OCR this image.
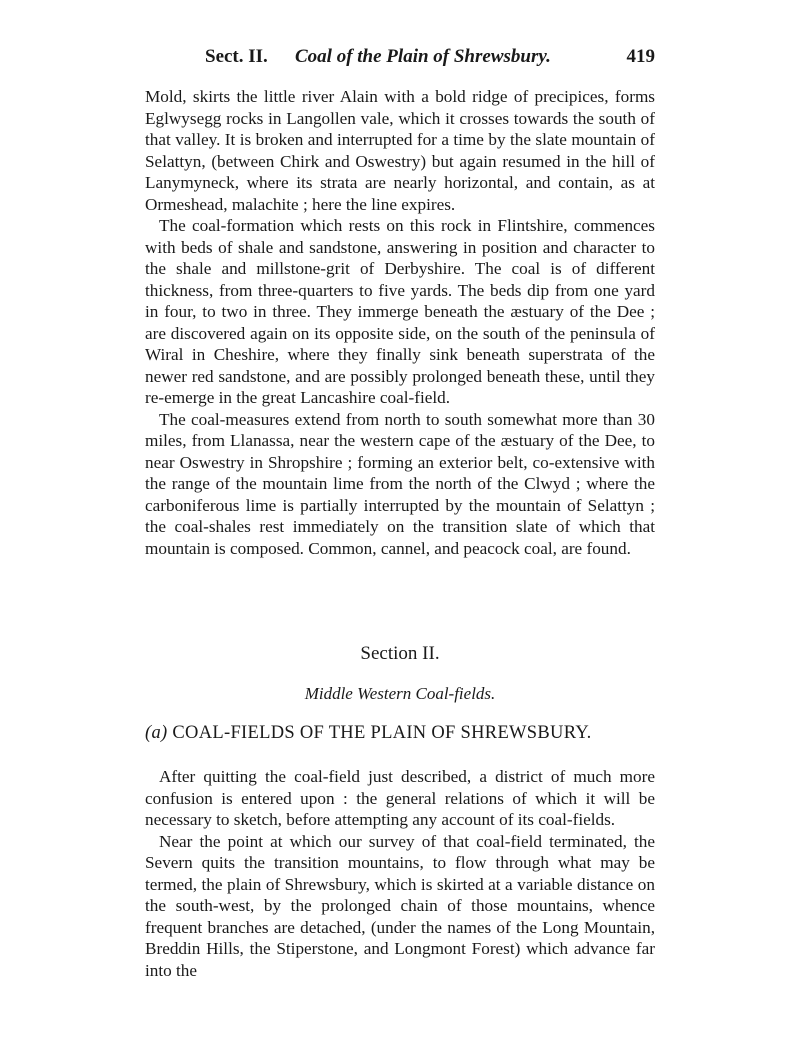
Sect. II. Coal of the Plain of Shrewsbury.	419

Mold, skirts the little river Alain with a bold ridge of precipices, forms Eglwysegg rocks in Langollen vale, which it crosses towards the south of that valley. It is broken and interrupted for a time by the slate mountain of Selattyn, (between Chirk and Oswestry) but again resumed in the hill of Lanymyneck, where its strata are nearly horizontal, and contain, as at Ormeshead, malachite ; here the line expires.

The coal-formation which rests on this rock in Flintshire, commences with beds of shale and sandstone, answering in position and character to the shale and millstone-grit of Derbyshire. The coal is of different thickness, from three-quarters to five yards. The beds dip from one yard in four, to two in three. They immerge beneath the æstuary of the Dee ; are discovered again on its opposite side, on the south of the peninsula of Wiral in Cheshire, where they finally sink beneath superstrata of the newer red sandstone, and are possibly prolonged beneath these, until they re-emerge in the great Lancashire coal-field.

The coal-measures extend from north to south somewhat more than 30 miles, from Llanassa, near the western cape of the æstuary of the Dee, to near Oswestry in Shropshire ; forming an exterior belt, co-extensive with the range of the mountain lime from the north of the Clwyd ; where the carboniferous lime is partially interrupted by the mountain of Selattyn ; the coal-shales rest immediately on the transition slate of which that mountain is composed. Common, cannel, and peacock coal, are found.

Section II.
Middle Western Coal-fields.
(a) COAL-FIELDS OF THE PLAIN OF SHREWSBURY.

After quitting the coal-field just described, a district of much more confusion is entered upon : the general relations of which it will be necessary to sketch, before attempting any account of its coal-fields.

Near the point at which our survey of that coal-field terminated, the Severn quits the transition mountains, to flow through what may be termed, the plain of Shrewsbury, which is skirted at a variable distance on the south-west, by the prolonged chain of those mountains, whence frequent branches are detached, (under the names of the Long Mountain, Breddin Hills, the Stiperstone, and Longmont Forest) which advance far into the
